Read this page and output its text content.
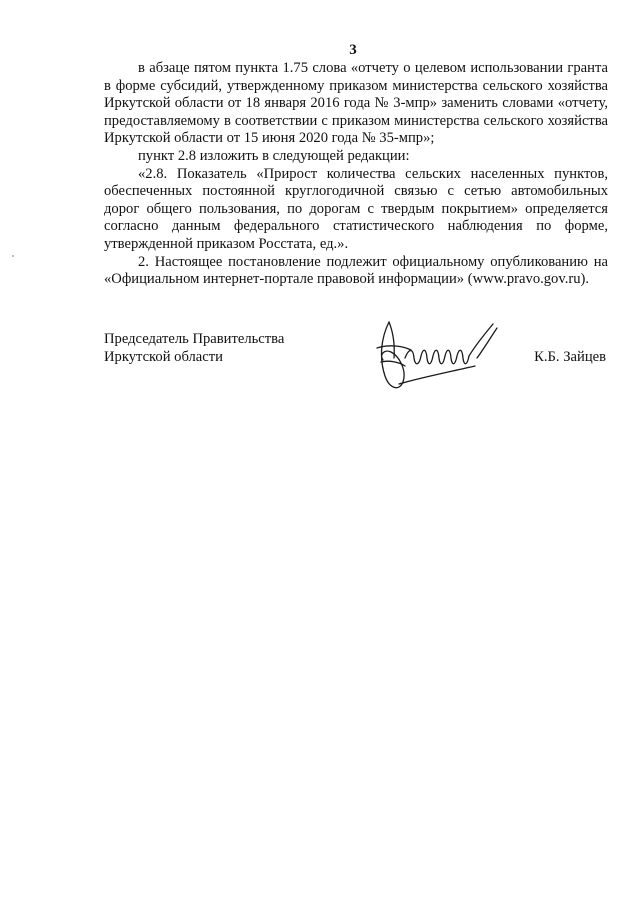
3

в абзаце пятом пункта 1.75 слова «отчету о целевом использовании гранта в форме субсидий, утвержденному приказом министерства сельского хозяйства Иркутской области от 18 января 2016 года № 3-мпр» заменить словами «отчету, предоставляемому в соответствии с приказом министерства сельского хозяйства Иркутской области от 15 июня 2020 года № 35-мпр»;

пункт 2.8 изложить в следующей редакции:

«2.8. Показатель «Прирост количества сельских населенных пунктов, обеспеченных постоянной круглогодичной связью с сетью автомобильных дорог общего пользования, по дорогам с твердым покрытием» определяется согласно данным федерального статистического наблюдения по форме, утвержденной приказом Росстата, ед.».

2. Настоящее постановление подлежит официальному опубликованию на «Официальном интернет-портале правовой информации» (www.pravo.gov.ru).

Председатель Правительства
Иркутской области	К.Б. Зайцев
